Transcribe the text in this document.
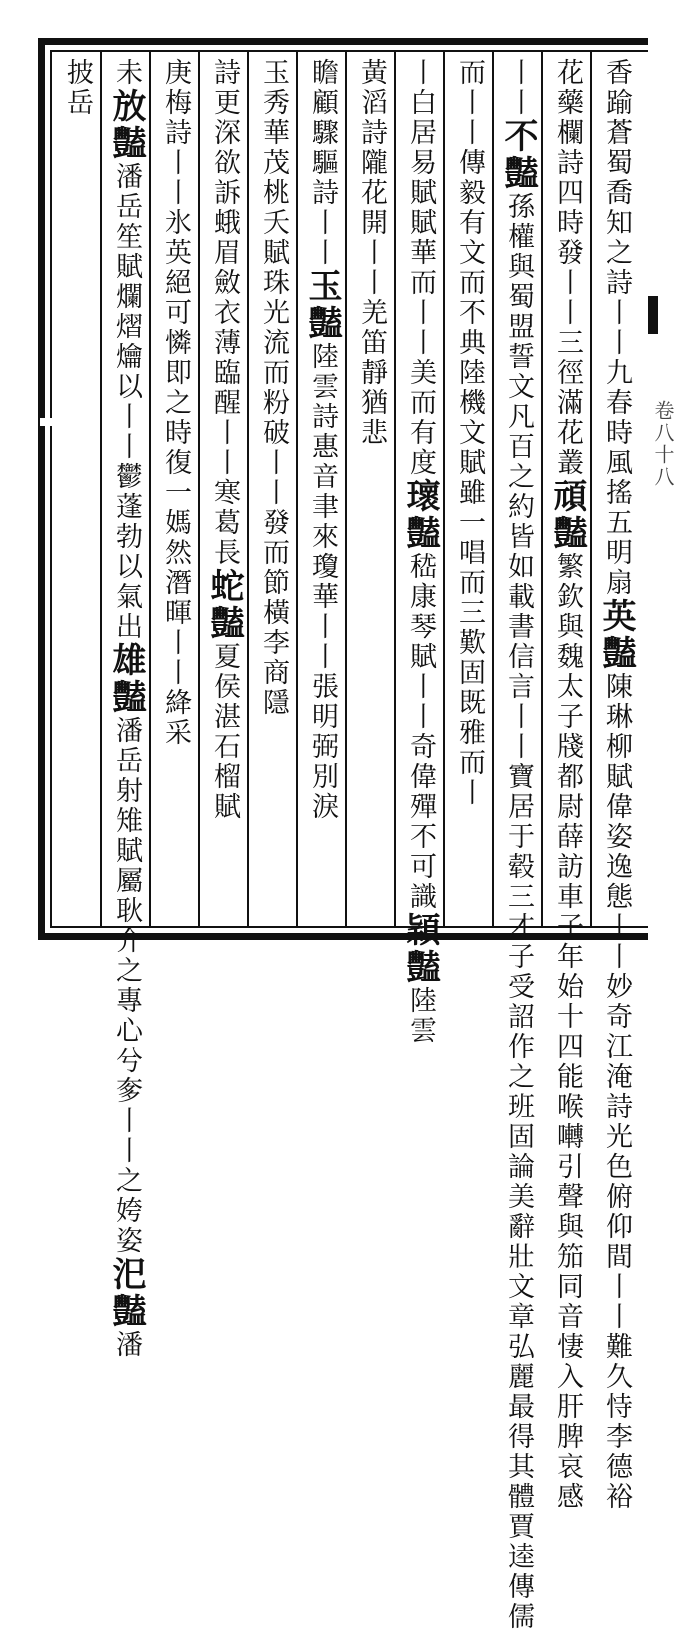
香踰蒼蜀喬知之詩丨丨九春時風搖五明扇英豔陳琳柳賦偉姿逸態丨丨妙奇江淹詩光色俯仰間丨丨難久恃李德裕
花藥欄詩四時發丨丨三徑滿花叢頑豔繁欽與魏太子牋都尉薛訪車子年始十四能喉囀引聲與笳同音悽入肝脾哀感
丨丨不豔孫權與蜀盟誓文凡百之約皆如載書信言丨丨寶居于毂三才子受詔作之班固論美辭壯文章弘麗最得其體賈逵傳儒
而丨丨傳毅有文而不典陸機文賦雖一唱而三歎固既雅而丨
丨白居易賦賦華而丨丨美而有度瓌豔嵇康琴賦丨丨奇偉殫不可識穎豔陸雲
黃滔詩隴花開丨丨羌笛靜猶悲
瞻顧驟驅詩丨丨玉豔陸雲詩惠音聿來瓊華丨丨張明弼別淚
玉秀華茂桃夭賦珠光流而粉破丨丨發而節橫李商隱
詩更深欲訴蛾眉斂衣薄臨醒丨丨寒葛長蛇豔夏侯湛石榴賦
庚梅詩丨丨氷英絕可憐即之時復一媽然潛暉丨丨絳采
未放豔潘岳笙賦爛熠爚以丨丨鬱蓬勃以氣出雄豔潘岳射雉賦屬耿介之專心兮奓丨丨之姱姿汜豔潘
披岳
卷八十八
